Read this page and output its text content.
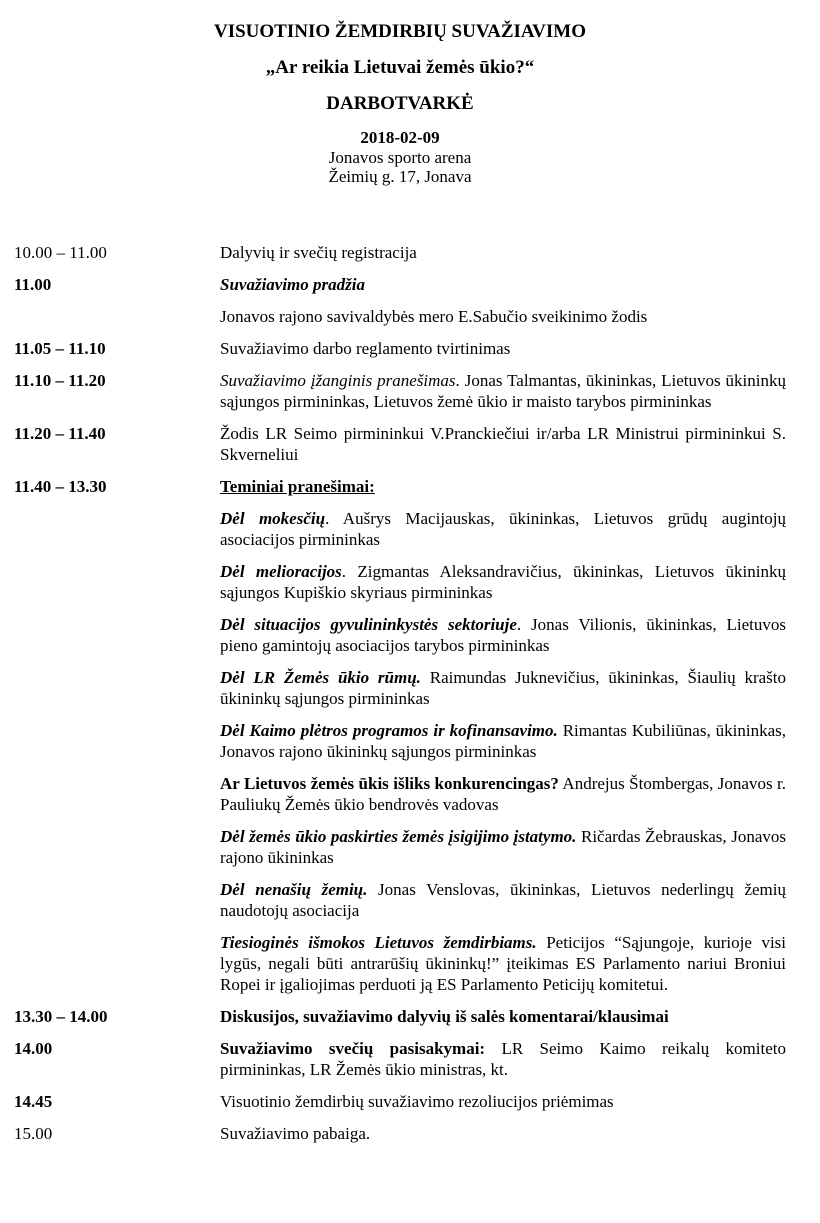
VISUOTINIO ŽEMDIRBIŲ SUVAŽIAVIMO
„Ar reikia Lietuvai žemės ūkio?“
DARBOTVARKĖ
2018-02-09
Jonavos sporto arena
Žeimių g. 17, Jonava
10.00 – 11.00	Dalyvių ir svečių registracija
11.00	Suvažiavimo pradžia
Jonavos rajono savivaldybės mero E.Sabučio sveikinimo žodis
11.05 – 11.10	Suvažiavimo darbo reglamento tvirtinimas
11.10 – 11.20	Suvažiavimo įžanginis pranešimas. Jonas Talmantas, ūkininkas, Lietuvos ūkininkų sąjungos pirmininkas, Lietuvos žemė ūkio ir maisto tarybos pirmininkas
11.20 – 11.40	Žodis LR Seimo pirmininkui V.Pranckiečiui ir/arba LR Ministrui pirmininkui S. Skverneliui
11.40 – 13.30	Teminiai pranešimai:
Dėl mokesčių. Aušrys Macijauskas, ūkininkas, Lietuvos grūdų augintojų asociacijos pirmininkas
Dėl melioracijos. Zigmantas Aleksandravičius, ūkininkas, Lietuvos ūkininkų sąjungos Kupiškio skyriaus pirmininkas
Dėl situacijos gyvulininkystės sektoriuje. Jonas Vilionis, ūkininkas, Lietuvos pieno gamintojų asociacijos tarybos pirmininkas
Dėl LR Žemės ūkio rūmų. Raimundas Juknevičius, ūkininkas, Šiaulių krašto ūkininkų sąjungos pirmininkas
Dėl Kaimo plėtros programos ir kofinansavimo. Rimantas Kubiliūnas, ūkininkas, Jonavos rajono ūkininkų sąjungos pirmininkas
Ar Lietuvos žemės ūkis išliks konkurencingas? Andrejus Štombergas, Jonavos r. Pauliukų Žemės ūkio bendrovės vadovas
Dėl žemės ūkio paskirties žemės įsigijimo įstatymo. Ričardas Žebrauskas, Jonavos rajono ūkininkas
Dėl nenašių žemių. Jonas Venslovas, ūkininkas, Lietuvos nederlingų žemių naudotojų asociacija
Tiesioginės išmokos Lietuvos žemdirbiams. Peticijos “Sąjungoje, kurioje visi lygūs, negali būti antrarūšių ūkininkų!” įteikimas ES Parlamento nariui Broniui Ropei ir įgaliojimas perduoti ją ES Parlamento Peticijų komitetui.
13.30 – 14.00	Diskusijos, suvažiavimo dalyvių iš salės komentarai/klausimai
14.00	Suvažiavimo svečių pasisakymai: LR Seimo Kaimo reikalų komiteto pirmininkas, LR Žemės ūkio ministras, kt.
14.45	Visuotinio žemdirbių suvažiavimo rezoliucijos priėmimas
15.00	Suvažiavimo pabaiga.
